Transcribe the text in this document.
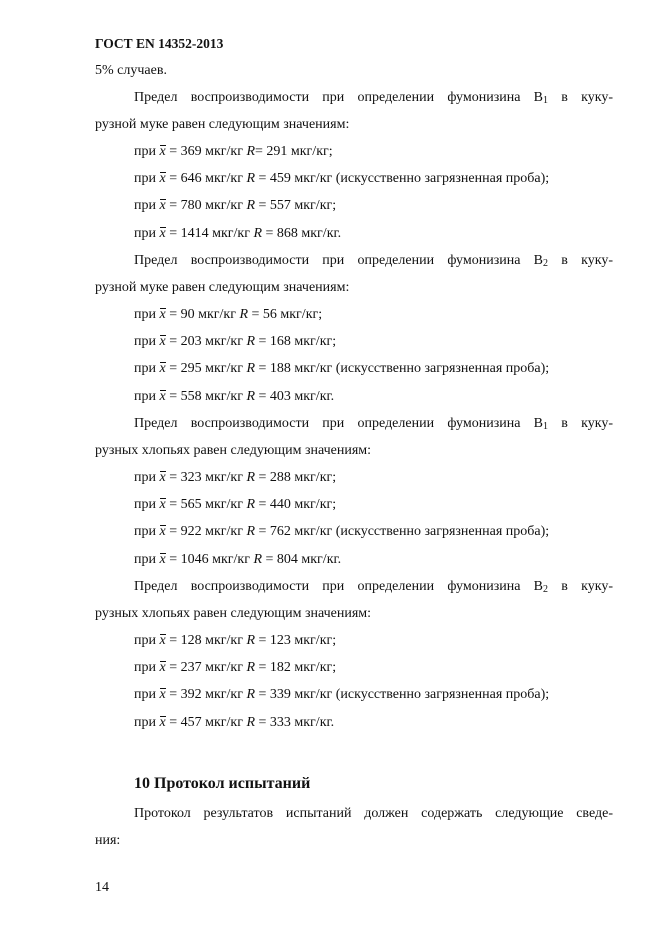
ГОСТ EN 14352-2013
5% случаев.
Предел воспроизводимости при определении фумонизина $B_1$ в куку-
рузной муке равен следующим значениям:
при x = 369 мкг/кг R= 291 мкг/кг;
при x = 646 мкг/кг R = 459 мкг/кг (искусственно загрязненная проба);
при x = 780 мкг/кг R = 557 мкг/кг;
при x = 1414 мкг/кг R = 868 мкг/кг.
Предел воспроизводимости при определении фумонизина $B_2$ в куку-
рузной муке равен следующим значениям:
при x = 90 мкг/кг R = 56 мкг/кг;
при x = 203 мкг/кг R = 168 мкг/кг;
при x = 295 мкг/кг R = 188 мкг/кг (искусственно загрязненная проба);
при x = 558 мкг/кг R = 403 мкг/кг.
Предел воспроизводимости при определении фумонизина $B_1$ в куку-
рузных хлопьях равен следующим значениям:
при x = 323 мкг/кг R = 288 мкг/кг;
при x = 565 мкг/кг R = 440 мкг/кг;
при x = 922 мкг/кг R = 762 мкг/кг (искусственно загрязненная проба);
при x = 1046 мкг/кг R = 804 мкг/кг.
Предел воспроизводимости при определении фумонизина $B_2$ в куку-
рузных хлопьях равен следующим значениям:
при x = 128 мкг/кг R = 123 мкг/кг;
при x = 237 мкг/кг R = 182 мкг/кг;
при x = 392 мкг/кг R = 339 мкг/кг (искусственно загрязненная проба);
при x = 457 мкг/кг R = 333 мкг/кг.
10 Протокол испытаний
Протокол результатов испытаний должен содержать следующие сведе-
ния:
14
